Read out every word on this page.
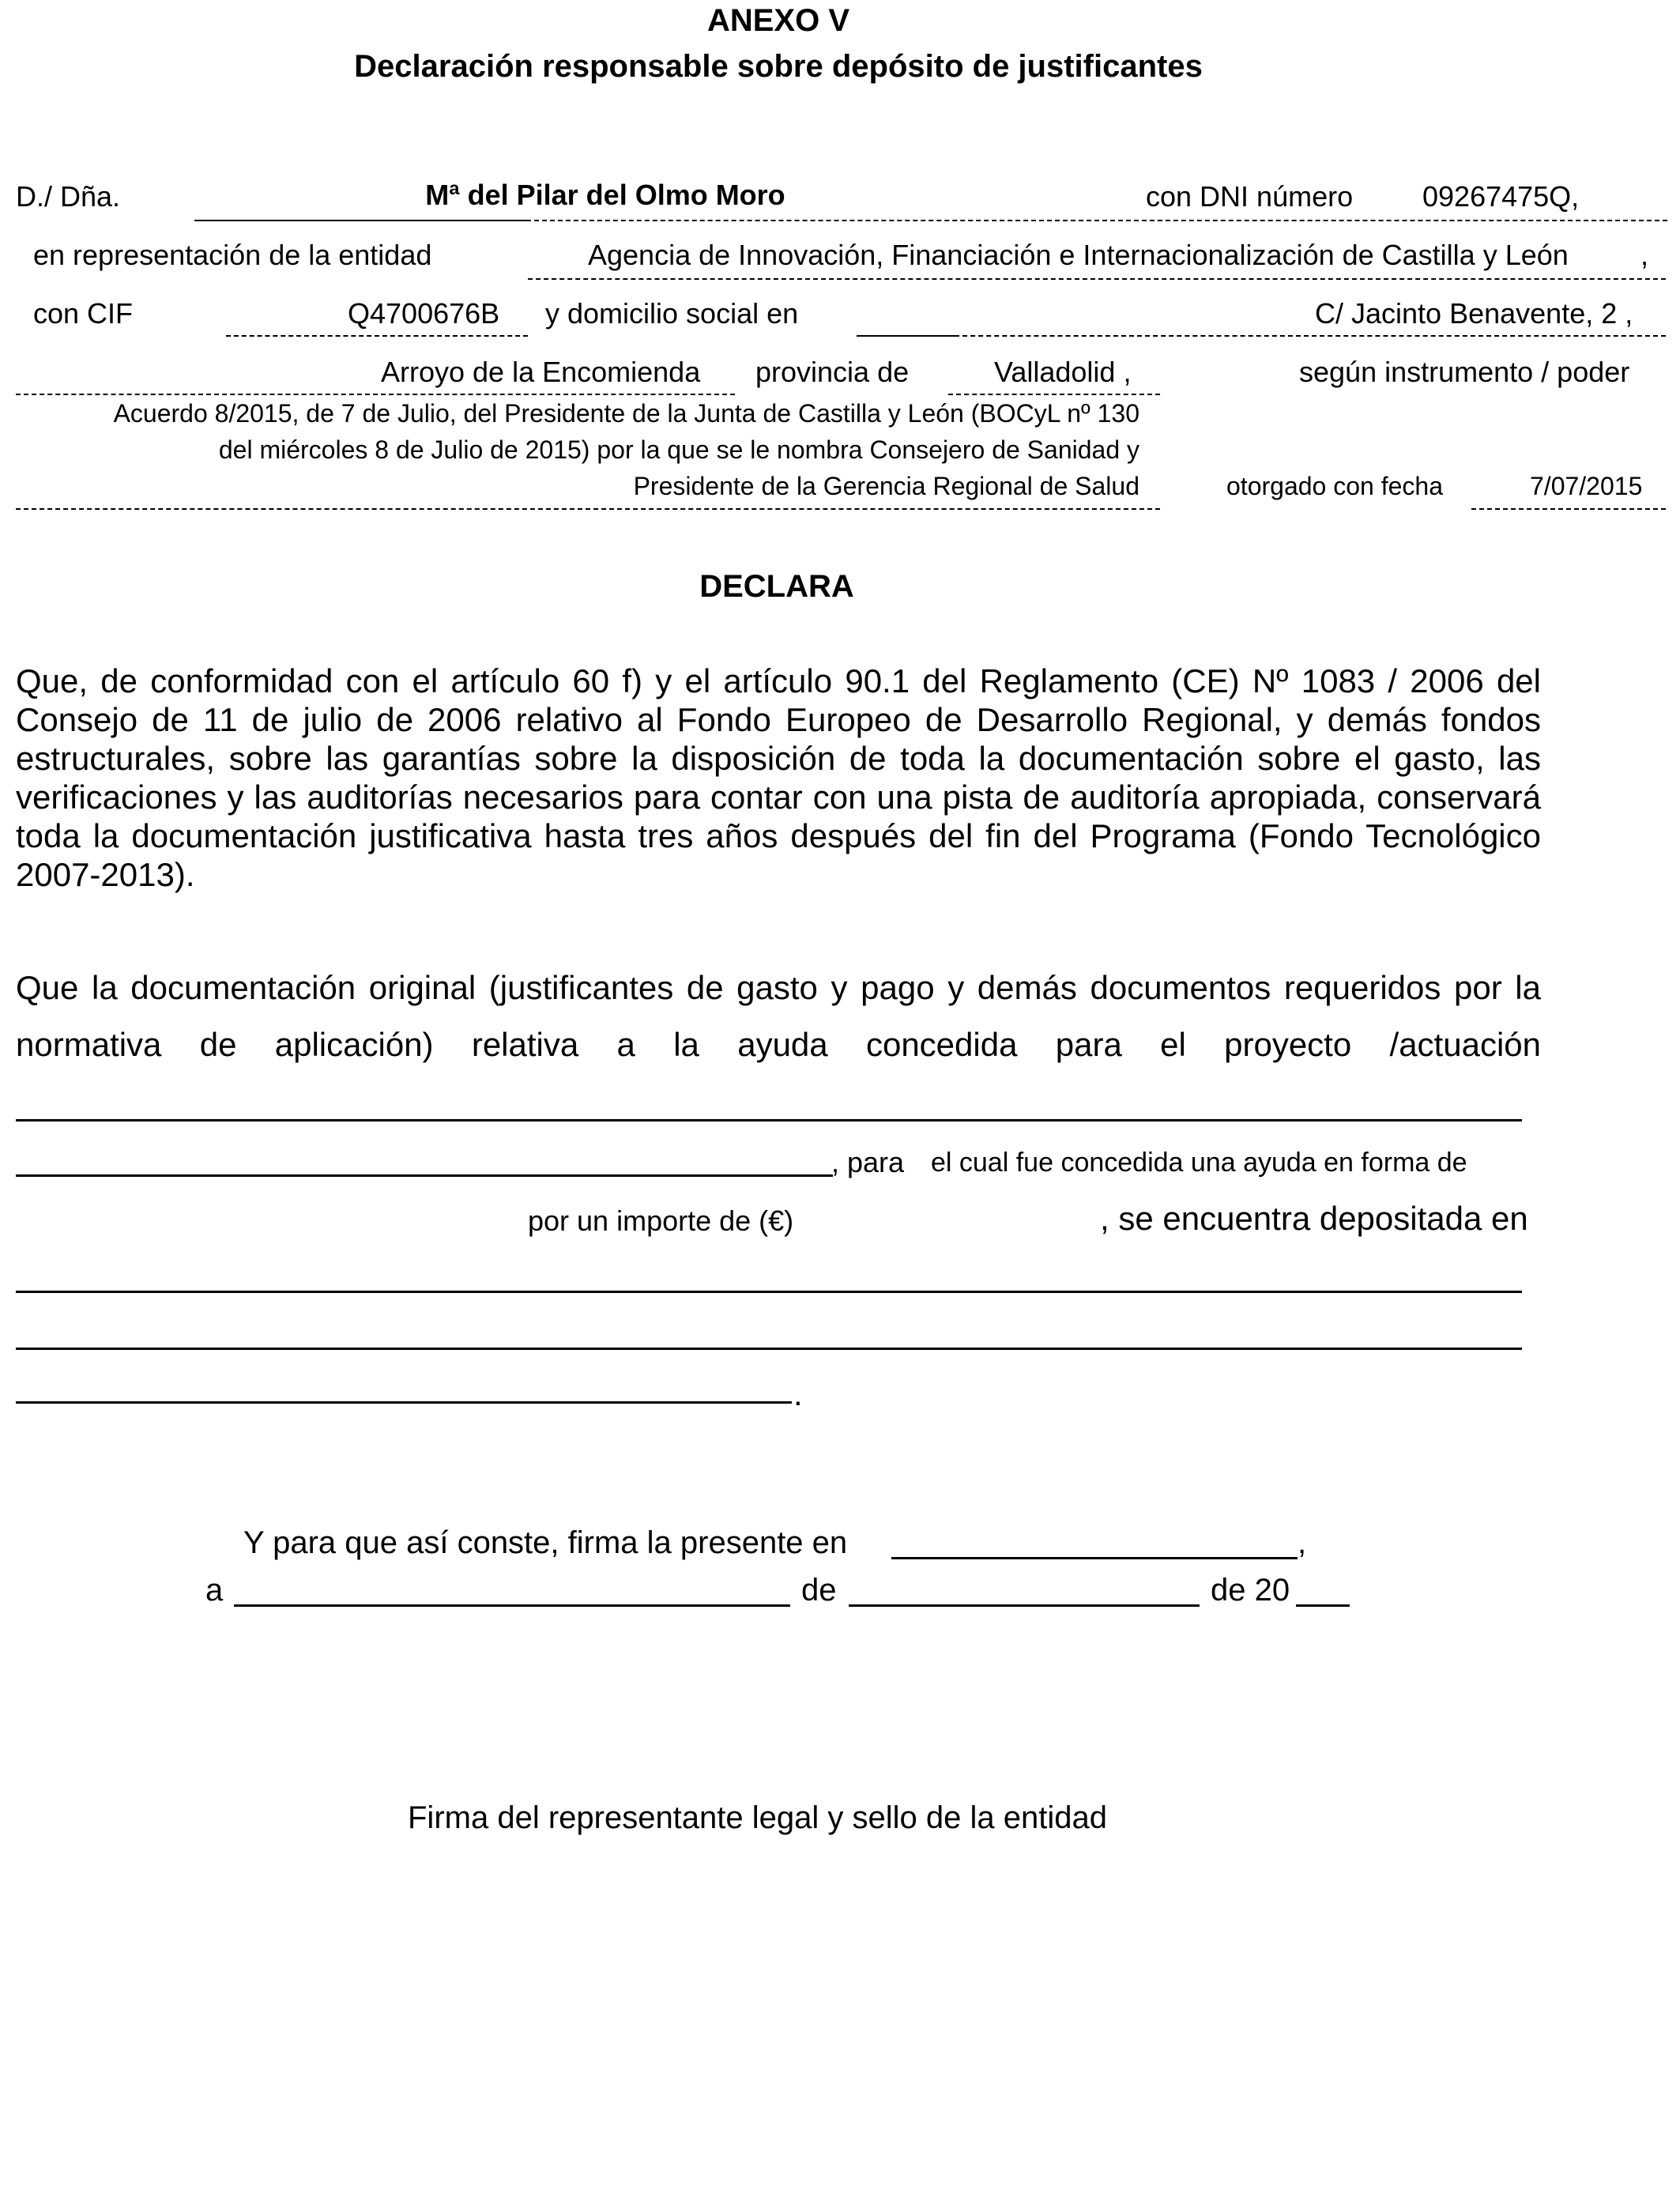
ANEXO V
Declaración responsable sobre depósito de justificantes
D./ Dña.	Mª del Pilar del Olmo Moro	con DNI número 09267475Q,
en representación de la entidad	Agencia de Innovación, Financiación e Internacionalización de Castilla y León	,
con CIF	Q4700676B y domicilio social en	C/ Jacinto Benavente, 2 ,
Arroyo de la Encomienda provincia de	Valladolid ,	según instrumento / poder
Acuerdo 8/2015, de 7 de Julio, del Presidente de la Junta de Castilla y León (BOCyL nº 130
del miércoles 8 de Julio de 2015) por la que se le nombra Consejero de Sanidad y
Presidente de la Gerencia Regional de Salud	otorgado con fecha	7/07/2015
DECLARA
Que, de conformidad con el artículo 60 f) y el artículo 90.1 del Reglamento (CE) Nº 1083 / 2006 del Consejo de 11 de julio de 2006 relativo al Fondo Europeo de Desarrollo Regional, y demás fondos estructurales, sobre las garantías sobre la disposición de toda la documentación sobre el gasto, las verificaciones y las auditorías necesarios para contar con una pista de auditoría apropiada, conservará toda la documentación justificativa hasta tres años después del fin del Programa (Fondo Tecnológico 2007-2013).
Que la documentación original (justificantes de gasto y pago y demás documentos requeridos por la
normativa de aplicación) relativa a la ayuda concedida para el proyecto /actuación
, para el cual fue concedida una ayuda en forma de
por un importe de (€)	, se encuentra depositada en
.
Y para que así conste, firma la presente en	,
a	de	de 20
Firma del representante legal y sello de la entidad
